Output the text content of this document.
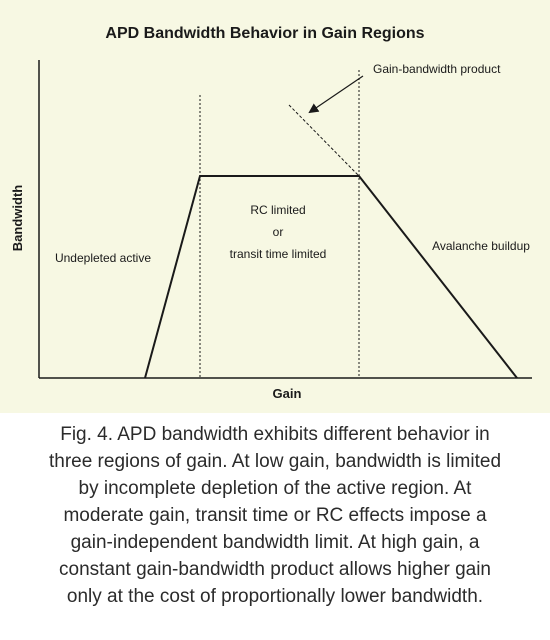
APD Bandwidth Behavior in Gain Regions
Gain-bandwidth product
Undepleted active
RC limited
or
transit time limited
Avalanche buildup
Gain
Bandwidth
Fig. 4. APD bandwidth exhibits different behavior in
three regions of gain. At low gain, bandwidth is limited
by incomplete depletion of the active region. At
moderate gain, transit time or RC effects impose a
gain-independent bandwidth limit. At high gain, a
constant gain-bandwidth product allows higher gain
only at the cost of proportionally lower bandwidth.
